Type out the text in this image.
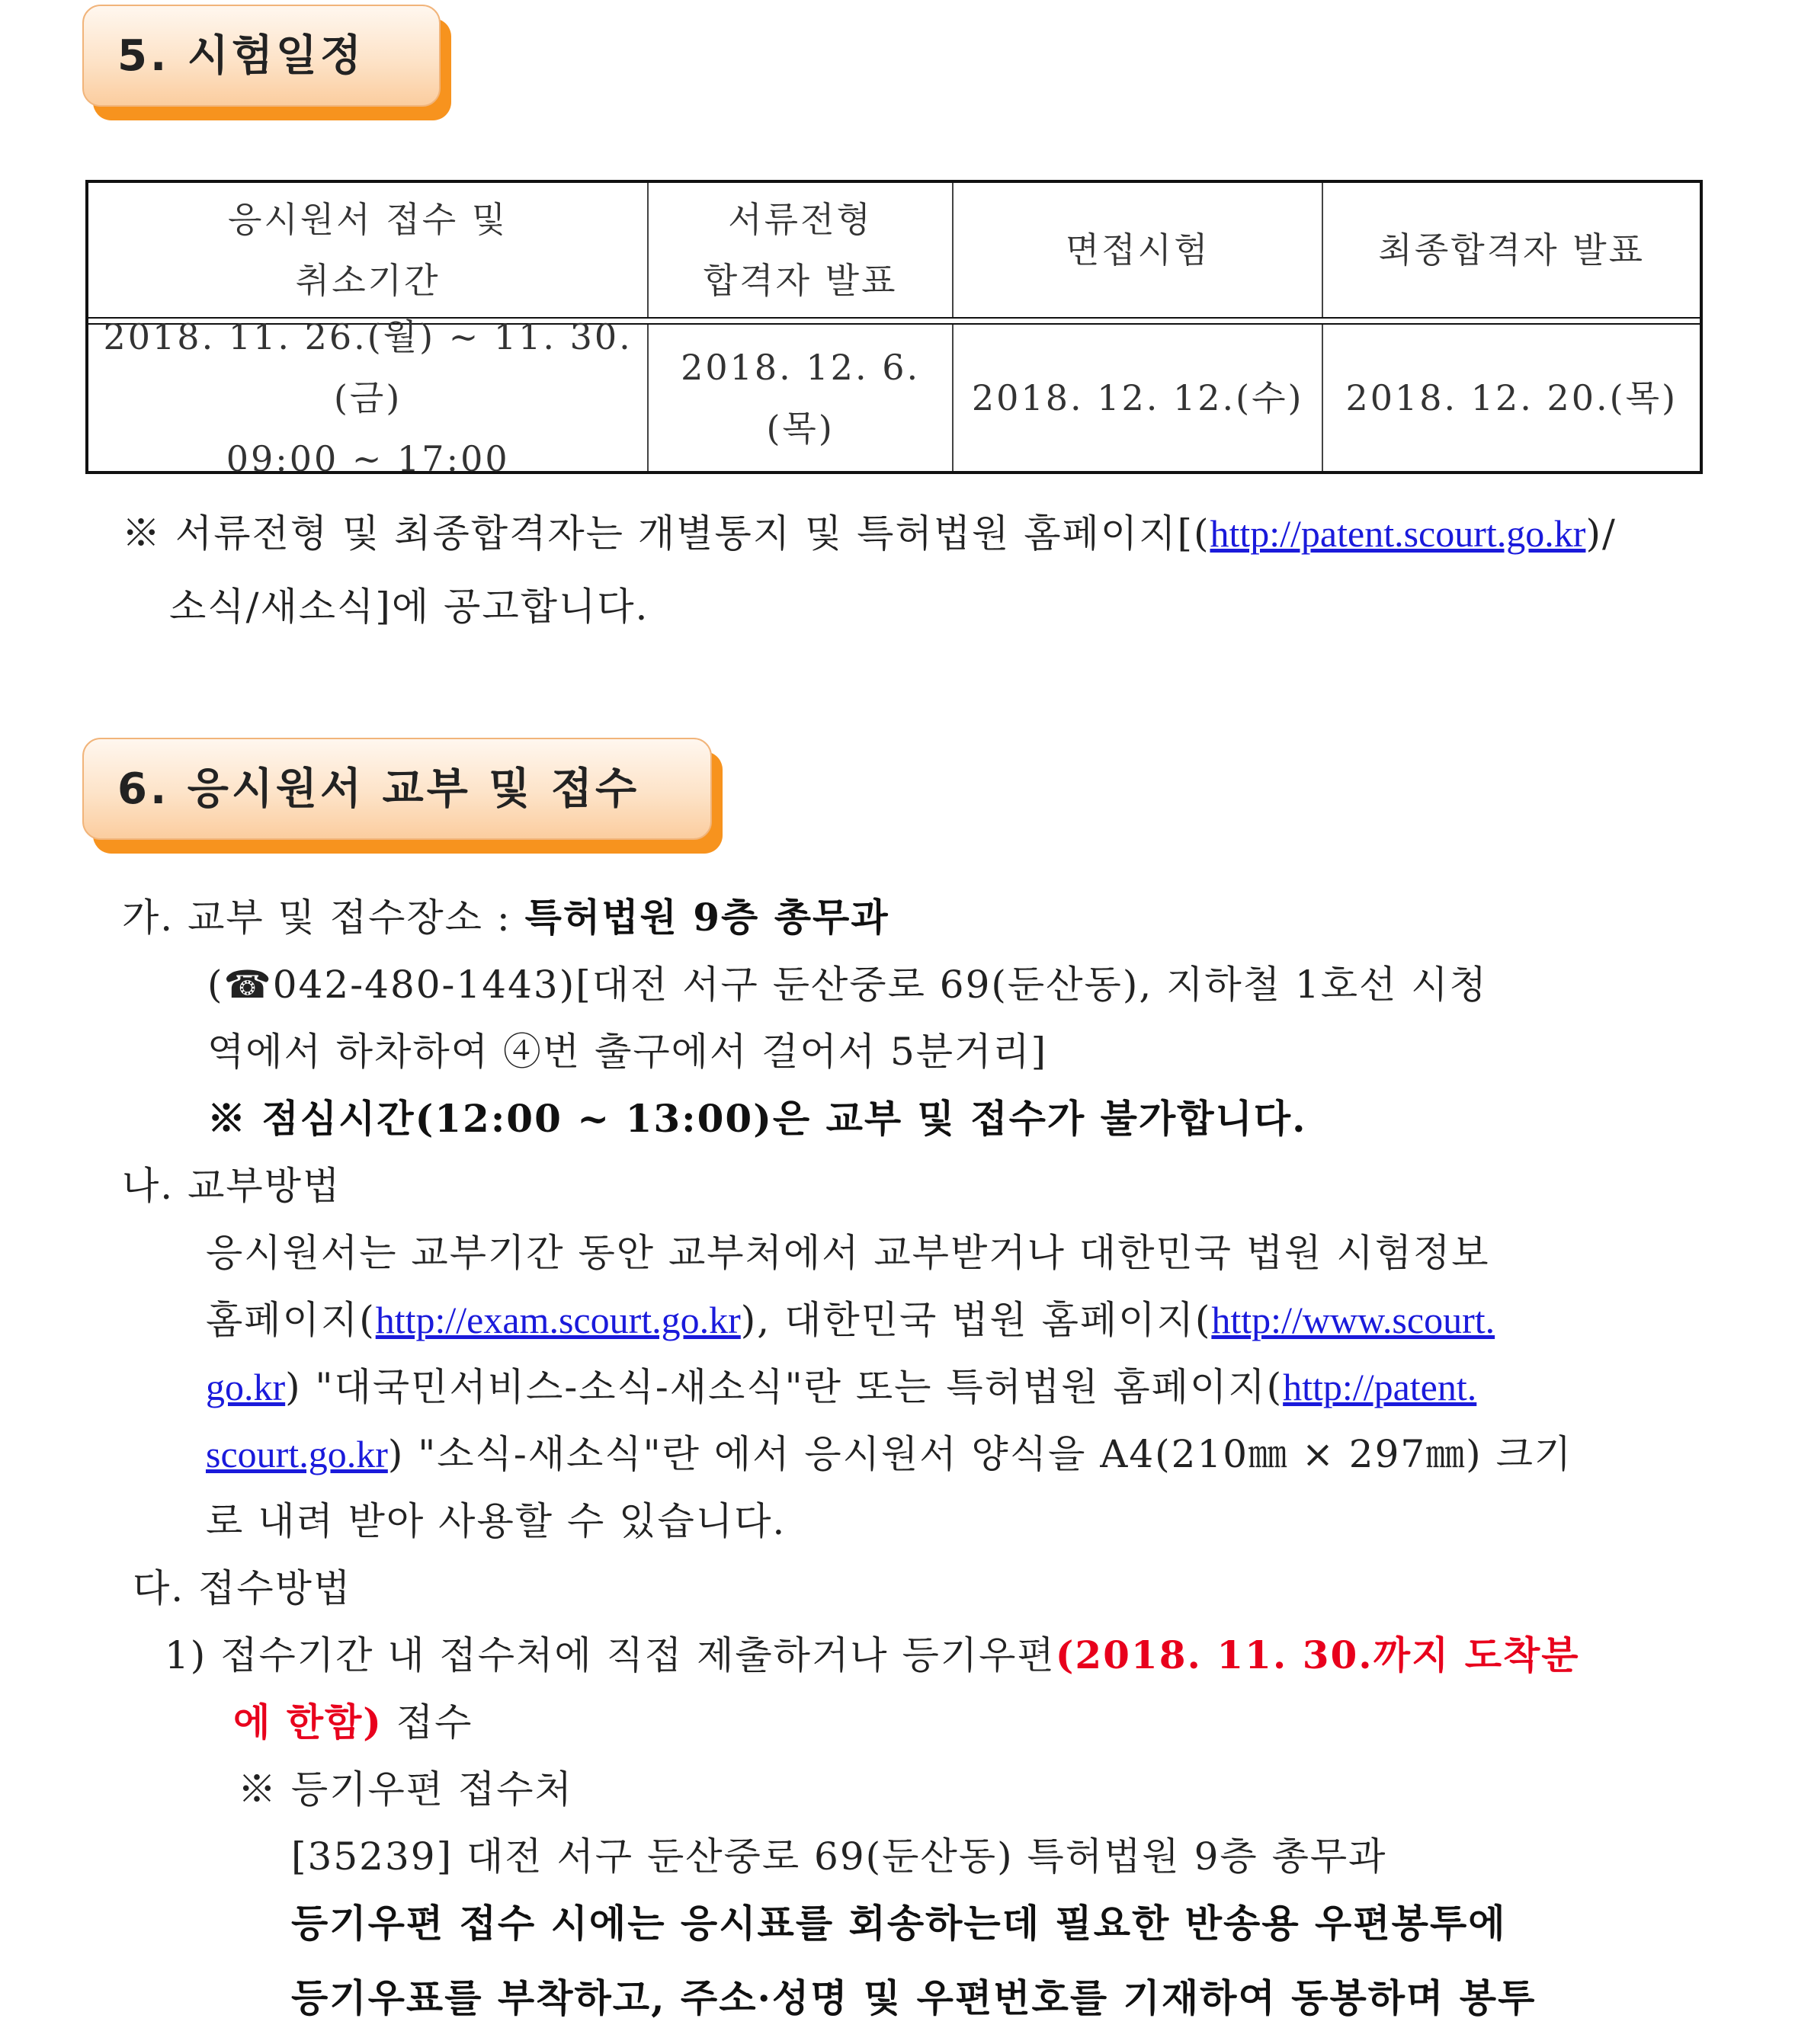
5. 시험일정
응시원서 접수 및
취소기간
서류전형
합격자 발표
면접시험	최종합격자 발표
2018. 11. 26.(월) ~ 11. 30.(금)
09:00 ~ 17:00
2018. 12. 6.(목)
2018. 12. 12.(수) 2018. 12. 20.(목)
※ 서류전형 및 최종합격자는 개별통지 및 특허법원 홈페이지[(http://patent.scourt.go.kr)/
소식/새소식]에 공고합니다.
6. 응시원서 교부 및 접수
가. 교부 및 접수장소 : 특허법원 9층 총무과
(☎042-480-1443)[대전 서구 둔산중로 69(둔산동), 지하철 1호선 시청
역에서 하차하여 ④번 출구에서 걸어서 5분거리]
※ 점심시간(12:00 ~ 13:00)은 교부 및 접수가 불가합니다.
나. 교부방법
응시원서는 교부기간 동안 교부처에서 교부받거나 대한민국 법원 시험정보
홈페이지(http://exam.scourt.go.kr), 대한민국 법원 홈페이지(http://www.scourt.
go.kr) "대국민서비스-소식-새소식"란 또는 특허법원 홈페이지(http://patent.
scourt.go.kr) "소식-새소식"란 에서 응시원서 양식을 A4(210㎜ × 297㎜) 크기
로 내려 받아 사용할 수 있습니다.
다. 접수방법
1) 접수기간 내 접수처에 직접 제출하거나 등기우편(2018. 11. 30.까지 도착분
에 한함) 접수
※ 등기우편 접수처
[35239] 대전 서구 둔산중로 69(둔산동) 특허법원 9층 총무과
등기우편 접수 시에는 응시표를 회송하는데 필요한 반송용 우편봉투에
등기우표를 부착하고, 주소·성명 및 우편번호를 기재하여 동봉하며 봉투
